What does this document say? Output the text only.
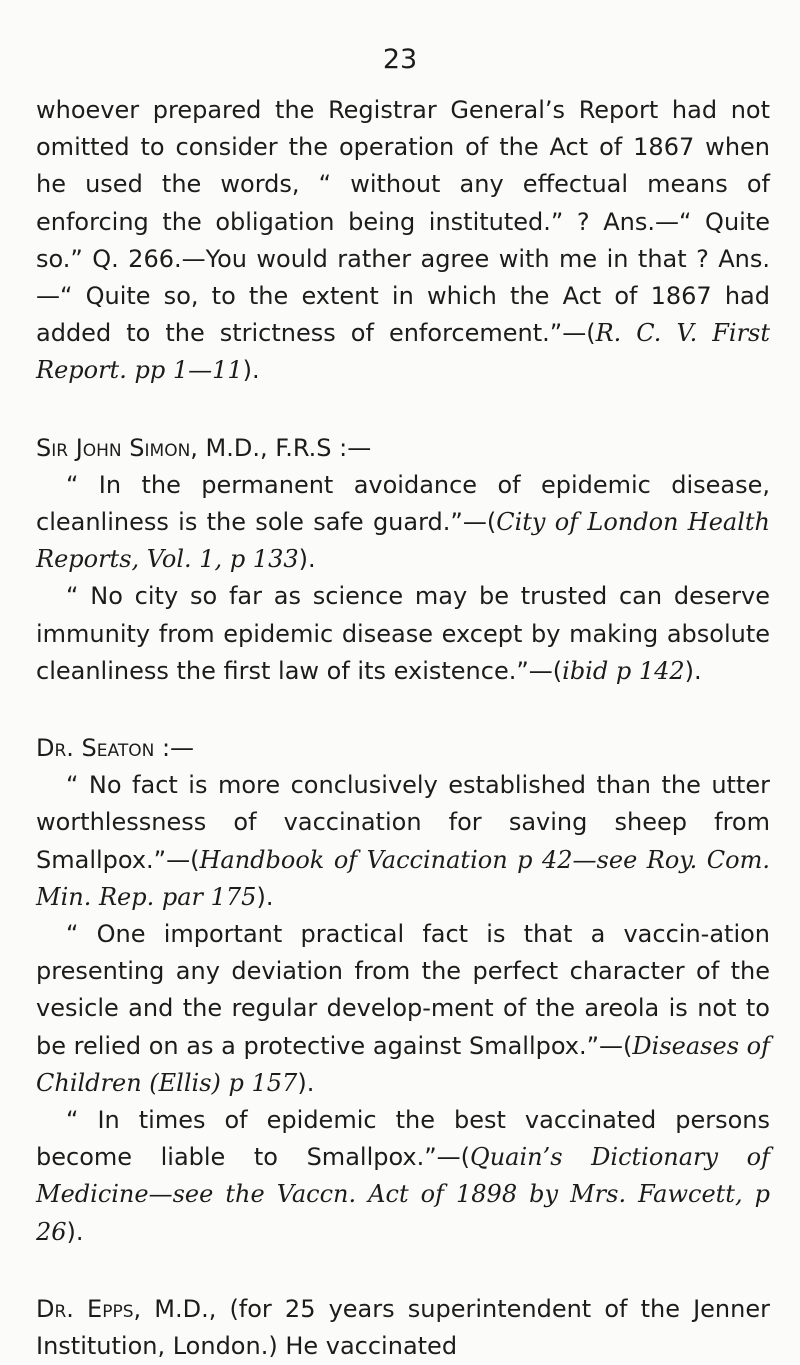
23

whoever prepared the Registrar General’s Report had not omitted to consider the operation of the Act of 1867 when he used the words, “ without any effectual means of enforcing the obligation being instituted.” ? Ans.—“ Quite so.” Q. 266.—You would rather agree with me in that ? Ans.—“ Quite so, to the extent in which the Act of 1867 had added to the strictness of enforcement.”—(R. C. V. First Report. pp 1—11).

Sir John Simon, M.D., F.R.S :—

“ In the permanent avoidance of epidemic disease, cleanliness is the sole safe guard.”—(City of London Health Reports, Vol. 1, p 133).

“ No city so far as science may be trusted can deserve immunity from epidemic disease except by making absolute cleanliness the first law of its existence.”—(ibid p 142).

Dr. Seaton :—

“ No fact is more conclusively established than the utter worthlessness of vaccination for saving sheep from Smallpox.”—(Handbook of Vaccination p 42—see Roy. Com. Min. Rep. par 175).

“ One important practical fact is that a vaccin-ation presenting any deviation from the perfect character of the vesicle and the regular develop-ment of the areola is not to be relied on as a protective against Smallpox.”—(Diseases of Children (Ellis) p 157).

“ In times of epidemic the best vaccinated persons become liable to Smallpox.”—(Quain’s Dictionary of Medicine—see the Vaccn. Act of 1898 by Mrs. Fawcett, p 26).

Dr. Epps, M.D., (for 25 years superintendent of the Jenner Institution, London.) He vaccinated
